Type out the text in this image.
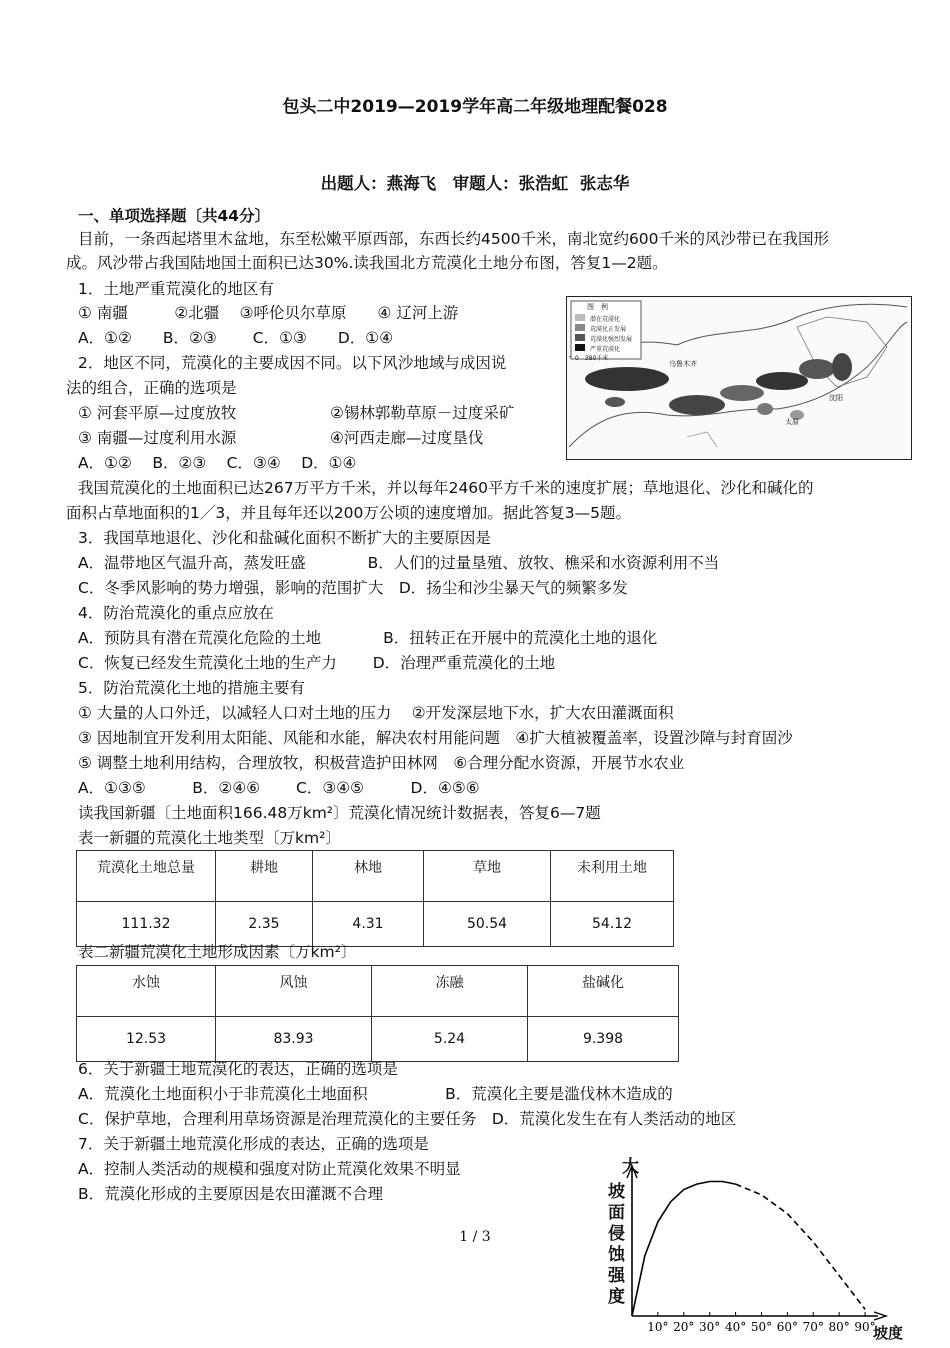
包头二中2019—2019学年高二年级地理配餐028
出题人：燕海飞　审题人：张浩虹 张志华
一、单项选择题〔共44分〕
目前，一条西起塔里木盆地，东至松嫩平原西部，东西长约4500千米，南北宽约600千米的风沙带已在我国形
成。风沙带占我国陆地国土面积已达30%.读我国北方荒漠化土地分布图，答复1—2题。
1．土地严重荒漠化的地区有
① 南疆　　　②北疆　 ③呼伦贝尔草原　　④ 辽河上游
A．①②　　B．②③　　 C．①③　　D．①④
2．地区不同，荒漠化的主要成因不同。以下风沙地域与成因说
法的组合，正确的选项是
① 河套平原—过度放牧	②锡林郭勒草原－过度采矿
③ 南疆—过度利用水源	④河西走廊—过度垦伐
A．①②　 B．②③　 C．③④　 D．①④
图　例
潜在荒漠化
荒漠化正发展
荒漠化强烈发展
严重荒漠化
0　380千米
乌鲁木齐
沈阳
太原
我国荒漠化的土地面积已达267万平方千米，并以每年2460平方千米的速度扩展；草地退化、沙化和碱化的
面积占草地面积的1／3，并且每年还以200万公顷的速度增加。据此答复3—5题。
3．我国草地退化、沙化和盐碱化面积不断扩大的主要原因是
A．温带地区气温升高，蒸发旺盛　　　　B．人们的过量垦殖、放牧、樵采和水资源利用不当
C．冬季风影响的势力增强，影响的范围扩大　D．扬尘和沙尘暴天气的频繁多发
4．防治荒漠化的重点应放在
A．预防具有潜在荒漠化危险的土地　　　　B．扭转正在开展中的荒漠化土地的退化
C．恢复已经发生荒漠化土地的生产力　　 D．治理严重荒漠化的土地
5．防治荒漠化土地的措施主要有
① 大量的人口外迁，以减轻人口对土地的压力　 ②开发深层地下水，扩大农田灌溉面积
③ 因地制宜开发利用太阳能、风能和水能，解决农村用能问题　④扩大植被覆盖率，设置沙障与封育固沙
⑤ 调整土地利用结构，合理放牧，积极营造护田林网　⑥合理分配水资源，开展节水农业
A．①③⑤　　　B．②④⑥　　 C．③④⑤　　　D．④⑤⑥
读我国新疆〔土地面积166.48万km²〕荒漠化情况统计数据表，答复6—7题
表一新疆的荒漠化土地类型〔万km²〕
荒漠化土地总量	耕地	林地	草地	未利用土地
111.32	2.35	4.31	50.54	54.12
表二新疆荒漠化土地形成因素〔万km²〕
水蚀	风蚀	冻融	盐碱化
12.53	83.93	5.24	9.398
6．关于新疆土地荒漠化的表达，正确的选项是
A．荒漠化土地面积小于非荒漠化土地面积　　　　　B．荒漠化主要是滥伐林木造成的
C．保护草地，合理利用草场资源是治理荒漠化的主要任务　D．荒漠化发生在有人类活动的地区
7．关于新疆土地荒漠化形成的表达，正确的选项是
A．控制人类活动的规模和强度对防止荒漠化效果不明显
B．荒漠化形成的主要原因是农田灌溉不合理
10° 20° 30° 40° 50° 60° 70° 80° 90°
大
坡面侵蚀强度
坡度
1 / 3
